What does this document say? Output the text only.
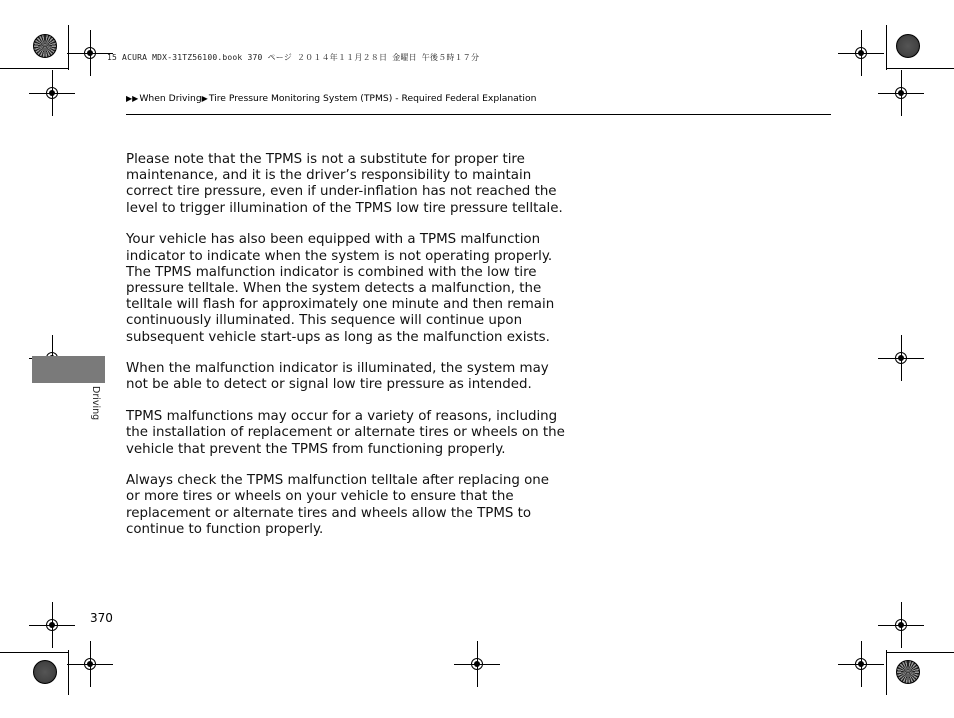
15 ACURA MDX-31TZ56100.book 370 ページ ２０１４年１１月２８日 金曜日 午後５時１７分
▶▶When Driving▶Tire Pressure Monitoring System (TPMS) - Required Federal Explanation

Please note that the TPMS is not a substitute for proper tire maintenance, and it is the driver’s responsibility to maintain correct tire pressure, even if under-inflation has not reached the level to trigger illumination of the TPMS low tire pressure telltale.

Your vehicle has also been equipped with a TPMS malfunction indicator to indicate when the system is not operating properly. The TPMS malfunction indicator is combined with the low tire pressure telltale. When the system detects a malfunction, the telltale will flash for approximately one minute and then remain continuously illuminated. This sequence will continue upon subsequent vehicle start-ups as long as the malfunction exists.

When the malfunction indicator is illuminated, the system may not be able to detect or signal low tire pressure as intended.

TPMS malfunctions may occur for a variety of reasons, including the installation of replacement or alternate tires or wheels on the vehicle that prevent the TPMS from functioning properly.

Always check the TPMS malfunction telltale after replacing one or more tires or wheels on your vehicle to ensure that the replacement or alternate tires and wheels allow the TPMS to continue to function properly.

Driving
370
